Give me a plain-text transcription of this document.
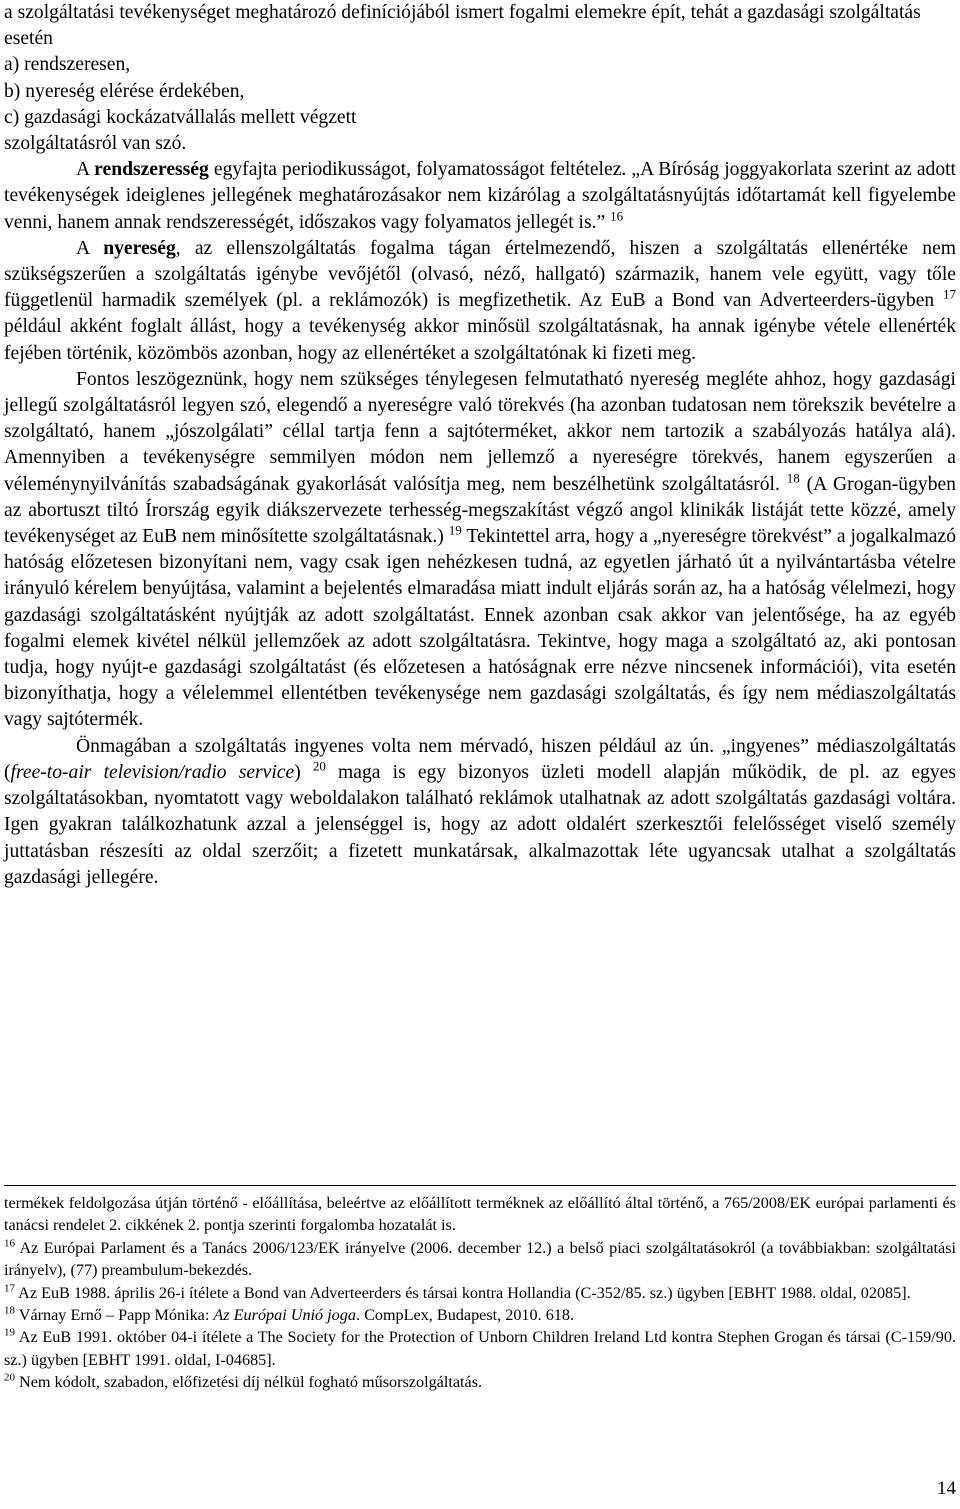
a szolgáltatási tevékenységet meghatározó definíciójából ismert fogalmi elemekre épít, tehát a gazdasági szolgáltatás esetén

a) rendszeresen,

b) nyereség elérése érdekében,

c) gazdasági kockázatvállalás mellett végzett

szolgáltatásról van szó.

A rendszeresség egyfajta periodikusságot, folyamatosságot feltételez. „A Bíróság joggyakorlata szerint az adott tevékenységek ideiglenes jellegének meghatározásakor nem kizárólag a szolgáltatásnyújtás időtartamát kell figyelembe venni, hanem annak rendszerességét, időszakos vagy folyamatos jellegét is.” $^{16}$

A nyereség, az ellenszolgáltatás fogalma tágan értelmezendő, hiszen a szolgáltatás ellenértéke nem szükségszerűen a szolgáltatás igénybe vevőjétől (olvasó, néző, hallgató) származik, hanem vele együtt, vagy tőle függetlenül harmadik személyek (pl. a reklámozók) is megfizethetik. Az EuB a Bond van Adverteerders-ügyben $^{17}$ például akként foglalt állást, hogy a tevékenység akkor minősül szolgáltatásnak, ha annak igénybe vétele ellenérték fejében történik, közömbös azonban, hogy az ellenértéket a szolgáltatónak ki fizeti meg.

Fontos leszögeznünk, hogy nem szükséges ténylegesen felmutatható nyereség megléte ahhoz, hogy gazdasági jellegű szolgáltatásról legyen szó, elegendő a nyereségre való törekvés (ha azonban tudatosan nem törekszik bevételre a szolgáltató, hanem „jószolgálati” céllal tartja fenn a sajtóterméket, akkor nem tartozik a szabályozás hatálya alá). Amennyiben a tevékenységre semmilyen módon nem jellemző a nyereségre törekvés, hanem egyszerűen a véleménynyilvánítás szabadságának gyakorlását valósítja meg, nem beszélhetünk szolgáltatásról. $^{18}$ (A Grogan-ügyben az abortuszt tiltó Írország egyik diákszervezete terhesség-megszakítást végző angol klinikák listáját tette közzé, amely tevékenységet az EuB nem minősítette szolgáltatásnak.) $^{19}$ Tekintettel arra, hogy a „nyereségre törekvést” a jogalkalmazó hatóság előzetesen bizonyítani nem, vagy csak igen nehézkesen tudná, az egyetlen járható út a nyilvántartásba vételre irányuló kérelem benyújtása, valamint a bejelentés elmaradása miatt indult eljárás során az, ha a hatóság vélelmezi, hogy gazdasági szolgáltatásként nyújtják az adott szolgáltatást. Ennek azonban csak akkor van jelentősége, ha az egyéb fogalmi elemek kivétel nélkül jellemzőek az adott szolgáltatásra. Tekintve, hogy maga a szolgáltató az, aki pontosan tudja, hogy nyújt-e gazdasági szolgáltatást (és előzetesen a hatóságnak erre nézve nincsenek információi), vita esetén bizonyíthatja, hogy a vélelemmel ellentétben tevékenysége nem gazdasági szolgáltatás, és így nem médiaszolgáltatás vagy sajtótermék.

Önmagában a szolgáltatás ingyenes volta nem mérvadó, hiszen például az ún. „ingyenes” médiaszolgáltatás (free-to-air television/radio service) $^{20}$ maga is egy bizonyos üzleti modell alapján működik, de pl. az egyes szolgáltatásokban, nyomtatott vagy weboldalakon található reklámok utalhatnak az adott szolgáltatás gazdasági voltára. Igen gyakran találkozhatunk azzal a jelenséggel is, hogy az adott oldalért szerkesztői felelősséget viselő személy juttatásban részesíti az oldal szerzőit; a fizetett munkatársak, alkalmazottak léte ugyancsak utalhat a szolgáltatás gazdasági jellegére.

termékek feldolgozása útján történő - előállítása, beleértve az előállított terméknek az előállító által történő, a 765/2008/EK európai parlamenti és tanácsi rendelet 2. cikkének 2. pontja szerinti forgalomba hozatalát is.

$^{16}$ Az Európai Parlament és a Tanács 2006/123/EK irányelve (2006. december 12.) a belső piaci szolgáltatásokról (a továbbiakban: szolgáltatási irányelv), (77) preambulum-bekezdés.

$^{17}$ Az EuB 1988. április 26-i ítélete a Bond van Adverteerders és társai kontra Hollandia (C-352/85. sz.) ügyben [EBHT 1988. oldal, 02085].

$^{18}$ Várnay Ernő – Papp Mónika: Az Európai Unió joga. CompLex, Budapest, 2010. 618.

$^{19}$ Az EuB 1991. október 04-i ítélete a The Society for the Protection of Unborn Children Ireland Ltd kontra Stephen Grogan és társai (C-159/90. sz.) ügyben [EBHT 1991. oldal, I-04685].

$^{20}$ Nem kódolt, szabadon, előfizetési díj nélkül fogható műsorszolgáltatás.

14
